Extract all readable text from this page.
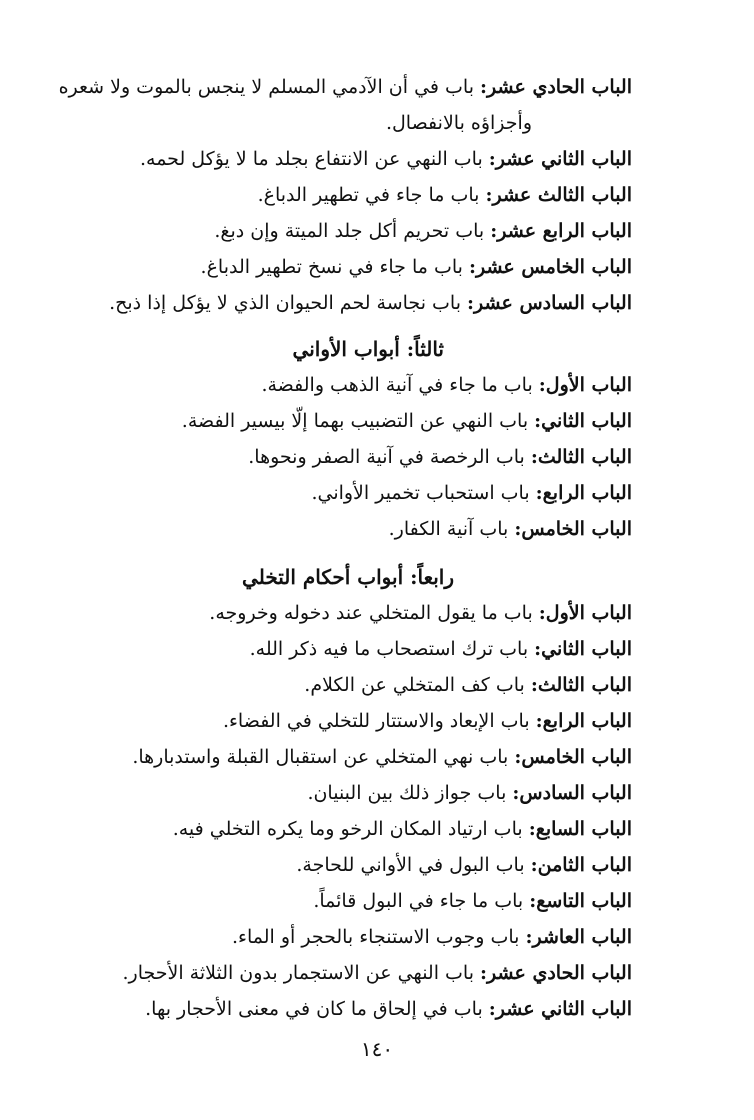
الباب الحادي عشر: باب في أن الآدمي المسلم لا ينجس بالموت ولا شعره
وأجزاؤه بالانفصال.
الباب الثاني عشر: باب النهي عن الانتفاع بجلد ما لا يؤكل لحمه.
الباب الثالث عشر: باب ما جاء في تطهير الدباغ.
الباب الرابع عشر: باب تحريم أكل جلد الميتة وإن دبغ.
الباب الخامس عشر: باب ما جاء في نسخ تطهير الدباغ.
الباب السادس عشر: باب نجاسة لحم الحيوان الذي لا يؤكل إذا ذبح.
ثالثاً: أبواب الأواني
الباب الأول: باب ما جاء في آنية الذهب والفضة.
الباب الثاني: باب النهي عن التضبيب بهما إلّا بيسير الفضة.
الباب الثالث: باب الرخصة في آنية الصفر ونحوها.
الباب الرابع: باب استحباب تخمير الأواني.
الباب الخامس: باب آنية الكفار.
رابعاً: أبواب أحكام التخلي
الباب الأول: باب ما يقول المتخلي عند دخوله وخروجه.
الباب الثاني: باب ترك استصحاب ما فيه ذكر الله.
الباب الثالث: باب كف المتخلي عن الكلام.
الباب الرابع: باب الإبعاد والاستتار للتخلي في الفضاء.
الباب الخامس: باب نهي المتخلي عن استقبال القبلة واستدبارها.
الباب السادس: باب جواز ذلك بين البنيان.
الباب السابع: باب ارتياد المكان الرخو وما يكره التخلي فيه.
الباب الثامن: باب البول في الأواني للحاجة.
الباب التاسع: باب ما جاء في البول قائماً.
الباب العاشر: باب وجوب الاستنجاء بالحجر أو الماء.
الباب الحادي عشر: باب النهي عن الاستجمار بدون الثلاثة الأحجار.
الباب الثاني عشر: باب في إلحاق ما كان في معنى الأحجار بها.
١٤٠
